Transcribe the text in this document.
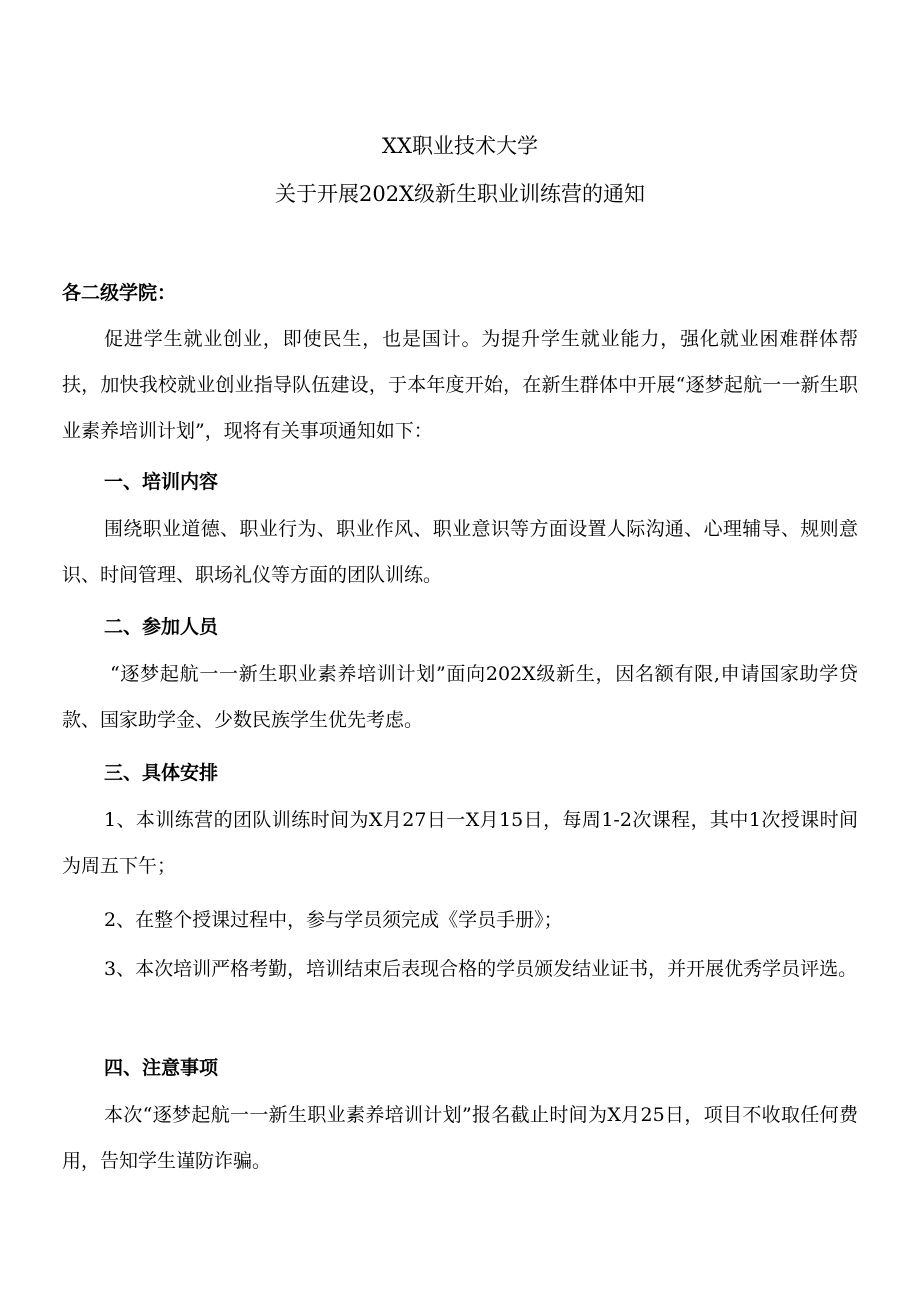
XX职业技术大学
关于开展202X级新生职业训练营的通知
各二级学院：
促进学生就业创业，即使民生，也是国计。为提升学生就业能力，强化就业困难群体帮扶，加快我校就业创业指导队伍建设，于本年度开始，在新生群体中开展“逐梦起航一一新生职业素养培训计划”，现将有关事项通知如下：
一、培训内容
围绕职业道德、职业行为、职业作风、职业意识等方面设置人际沟通、心理辅导、规则意识、时间管理、职场礼仪等方面的团队训练。
二、参加人员
“逐梦起航一一新生职业素养培训计划”面向202X级新生，因名额有限,申请国家助学贷款、国家助学金、少数民族学生优先考虑。
三、具体安排
1、本训练营的团队训练时间为X月27日一X月15日，每周1-2次课程，其中1次授课时间为周五下午；
2、在整个授课过程中，参与学员须完成《学员手册》；
3、本次培训严格考勤，培训结束后表现合格的学员颁发结业证书，并开展优秀学员评选。
四、注意事项
本次“逐梦起航一一新生职业素养培训计划”报名截止时间为X月25日，项目不收取任何费用，告知学生谨防诈骗。
